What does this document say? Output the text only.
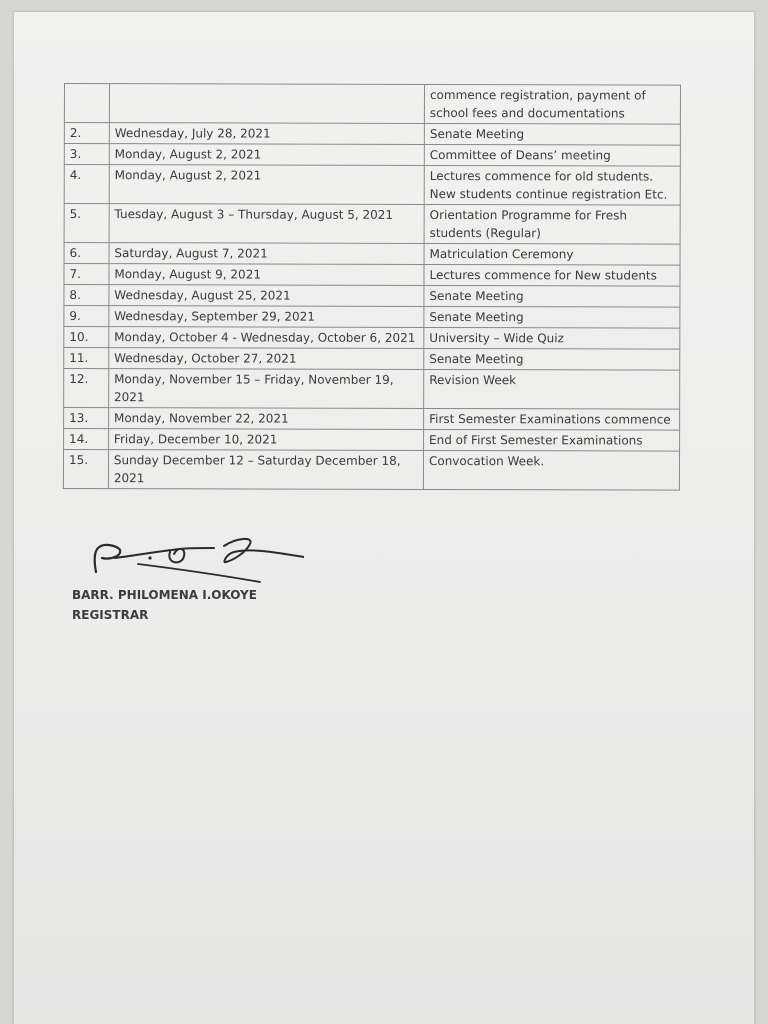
		commence registration, payment of school fees and documentations
2.	Wednesday, July 28, 2021	Senate Meeting
3.	Monday, August 2, 2021	Committee of Deans’ meeting
4.	Monday, August 2, 2021	Lectures commence for old students. New students continue registration Etc.
5.	Tuesday, August 3 – Thursday, August 5, 2021	Orientation Programme for Fresh students (Regular)
6.	Saturday, August 7, 2021	Matriculation Ceremony
7.	Monday, August 9, 2021	Lectures commence for New students
8.	Wednesday, August 25, 2021	Senate Meeting
9.	Wednesday, September 29, 2021	Senate Meeting
10.	Monday, October 4 - Wednesday, October 6, 2021	University – Wide Quiz
11.	Wednesday, October 27, 2021	Senate Meeting
12.	Monday, November 15 – Friday, November 19, 2021	Revision Week
13.	Monday, November 22, 2021	First Semester Examinations commence
14.	Friday, December 10, 2021	End of First Semester Examinations
15.	Sunday December 12 – Saturday December 18, 2021	Convocation Week.
BARR. PHILOMENA I.OKOYE
REGISTRAR
